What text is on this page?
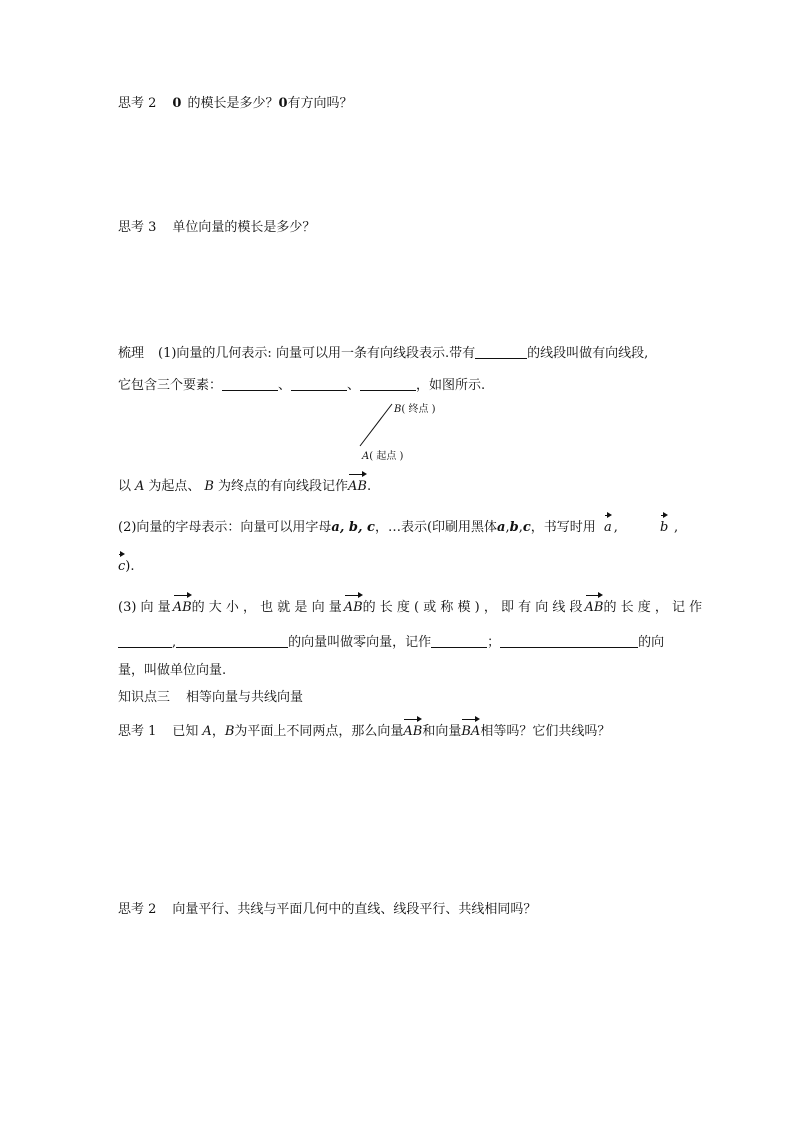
思考 2 0 的模长是多少？0有方向吗？
思考 3 单位向量的模长是多少？
梳理 (1)向量的几何表示: 向量可以用一条有向线段表示.带有	的线段叫做有向线段,
它包含三个要素：	、	、	，如图所示.
B( 终点 )
A( 起点 )
以 A 为起点、 B 为终点的有向线段记作
AB.
(2)向量的字母表示：向量可以用字母a, b, c，…表示(印刷用黑体a,b,c，书写时用 a ,	b ,
c).
(3) 向 量 AB 的 大 小 ， 也 就 是 向 量 AB 的 长 度 ( 或 称 模 ) ， 即 有 向 线 段 AB 的 长 度 ， 记 作
,	的向量叫做零向量，记作	；	的向
量，叫做单位向量.
知识点三 相等向量与共线向量
思考 1 已知 A，B为平面上不同两点，那么向量
AB和向量
BA相等吗？它们共线吗？
思考 2 向量平行、共线与平面几何中的直线、线段平行、共线相同吗？
